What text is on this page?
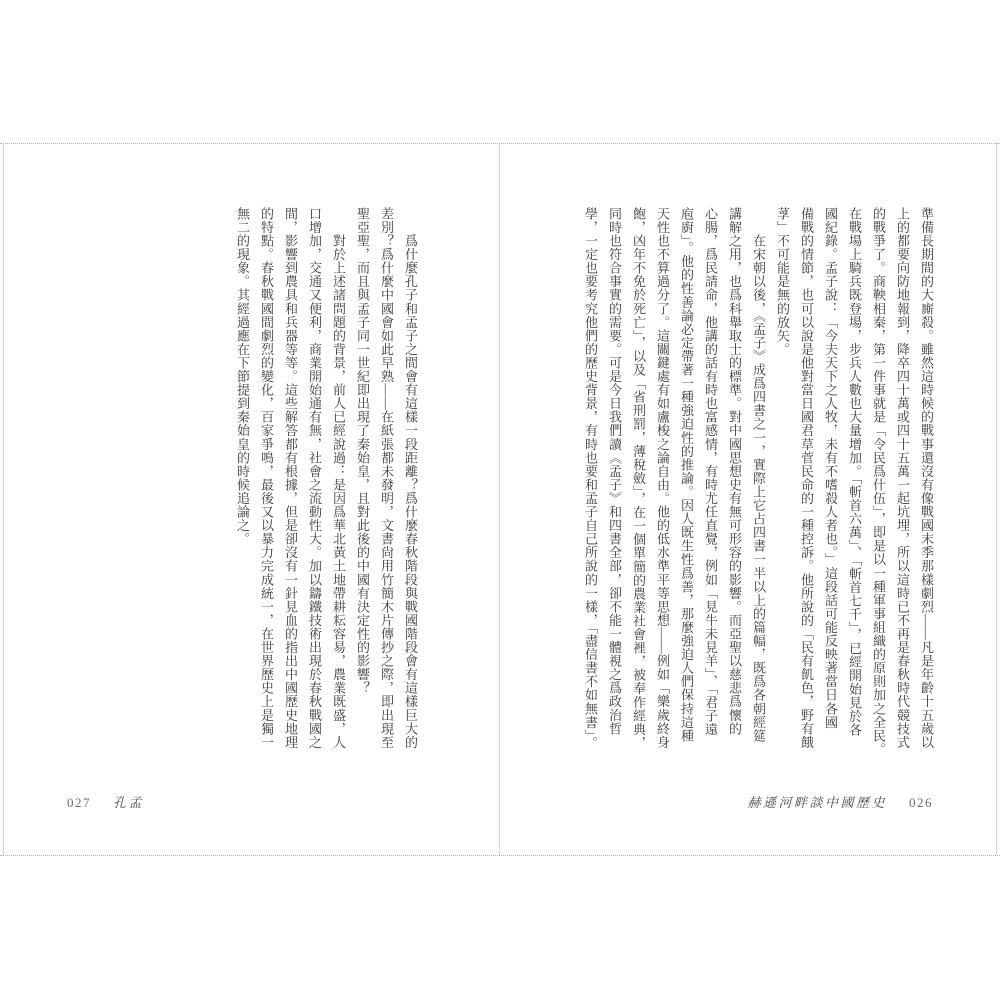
準備長期間的大廝殺。雖然這時候的戰事還沒有像戰國末季那樣劇烈——凡是年齡十五歲以
上的都要向防地報到，降卒四十萬或四十五萬一起坑埋，所以這時已不再是春秋時代競技式
的戰爭了。商鞅相秦，第一件事就是「令民爲什伍」，即是以一種軍事組織的原則加之全民。
在戰場上騎兵既登場，步兵人數也大量增加。「斬首六萬」、「斬首七千」，已經開始見於各
國紀錄。孟子說：「今夫天下之人牧，未有不嗜殺人者也。」這段話可能反映著當日各國
備戰的情節，也可以說是他對當日國君草菅民命的一種控訴。他所說的「民有飢色，野有餓
莩」不可能是無的放矢。
　　在宋朝以後，《孟子》成爲四書之一，實際上它占四書一半以上的篇幅，既爲各朝經筵
講解之用，也爲科舉取士的標準。對中國思想史有無可形容的影響。而亞聖以慈悲爲懷的
心腸，爲民請命，他講的話有時也富感情，有時尤任直覺，例如「見牛未見羊」、「君子遠
庖廚」。他的性善論必定帶著一種強迫性的推論。因人既生性爲善，那麼強迫人們保持這種
天性也不算過分了。這關鍵處有如盧梭之論自由。他的低水準平等思想——例如「樂歲終身
飽，凶年不免於死亡」，以及「省刑罰，薄稅斂」，在一個單簡的農業社會裡，被奉作經典，
同時也符合事實的需要。可是今日我們讀《孟子》和四書全部，卻不能一體視之爲政治哲
學，一定也要考究他們的歷史背景，有時也要和孟子自己所說的一樣，「盡信書不如無書」。
　　爲什麼孔子和孟子之間會有這樣一段距離？爲什麼春秋階段與戰國階段會有這樣巨大的
差別？爲什麼中國會如此早熟——在紙張都未發明，文書尙用竹簡木片傳抄之際，即出現至
聖亞聖，而且與孟子同一世紀即出現了秦始皇，且對此後的中國有決定性的影響？
　　對於上述諸問題的背景，前人已經說過：是因爲華北黃土地帶耕耘容易，農業既盛，人
口增加，交通又便利，商業開始通有無，社會之流動性大。加以鑄鐵技術出現於春秋戰國之
間，影響到農具和兵器等等。這些解答都有根據，但是卻沒有一針見血的指出中國歷史地理
的特點。春秋戰國間劇烈的變化，百家爭鳴，最後又以暴力完成統一，在世界歷史上是獨一
無二的現象。其經過應在下節提到秦始皇的時候追論之。
027 孔孟	赫遜河畔談中國歷史 026
